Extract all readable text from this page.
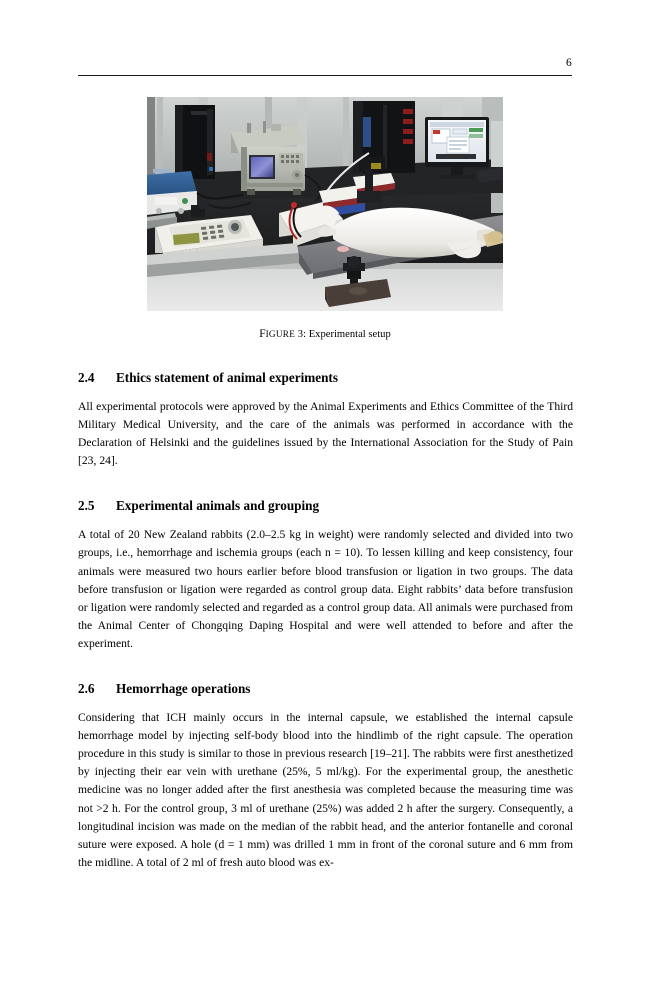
6
FIGURE 3: Experimental setup
2.4 Ethics statement of animal experiments

All experimental protocols were approved by the Animal Experiments and Ethics Committee of the Third Military Medical University, and the care of the animals was performed in accordance with the Declaration of Helsinki and the guidelines issued by the International Association for the Study of Pain [23, 24].

2.5 Experimental animals and grouping

A total of 20 New Zealand rabbits (2.0–2.5 kg in weight) were randomly selected and divided into two groups, i.e., hemorrhage and ischemia groups (each n = 10). To lessen killing and keep consistency, four animals were measured two hours earlier before blood transfusion or ligation in two groups. The data before transfusion or ligation were regarded as control group data. Eight rabbits’ data before transfusion or ligation were randomly selected and regarded as a control group data. All animals were purchased from the Animal Center of Chongqing Daping Hospital and were well attended to before and after the experiment.

2.6 Hemorrhage operations

Considering that ICH mainly occurs in the internal capsule, we established the internal capsule hemorrhage model by injecting self-body blood into the hindlimb of the right capsule. The operation procedure in this study is similar to those in previous research [19–21]. The rabbits were first anesthetized by injecting their ear vein with urethane (25%, 5 ml/kg). For the experimental group, the anesthetic medicine was no longer added after the first anesthesia was completed because the measuring time was not >2 h. For the control group, 3 ml of urethane (25%) was added 2 h after the surgery. Consequently, a longitudinal incision was made on the median of the rabbit head, and the anterior fontanelle and coronal suture were exposed. A hole (d = 1 mm) was drilled 1 mm in front of the coronal suture and 6 mm from the midline. A total of 2 ml of fresh auto blood was ex-
